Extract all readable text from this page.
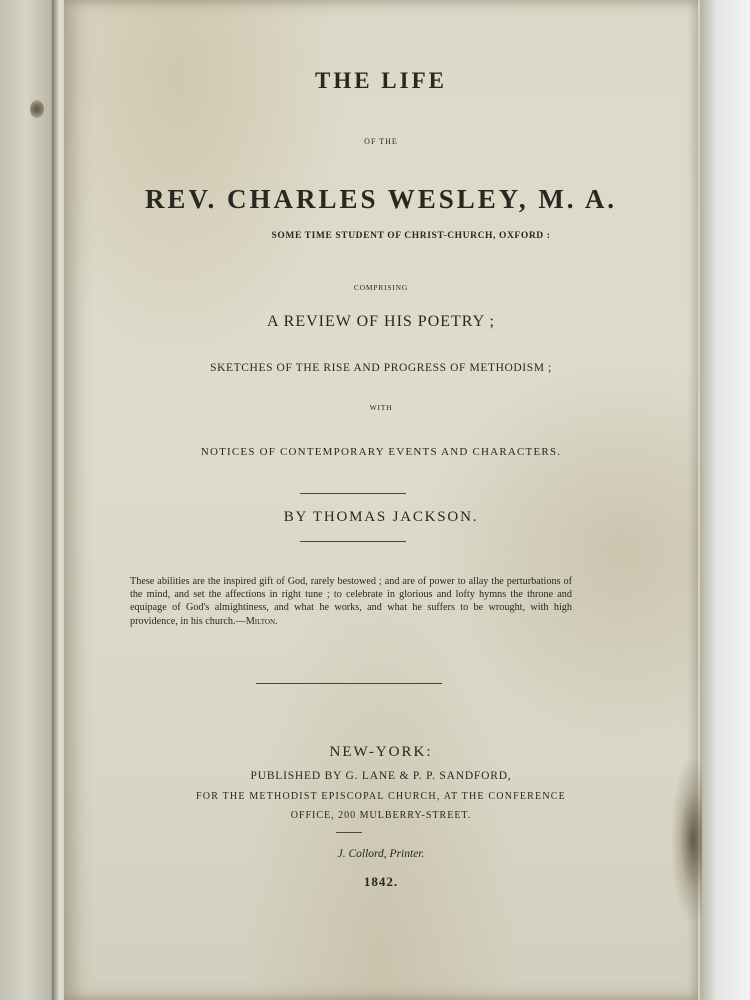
THE LIFE
OF THE
REV. CHARLES WESLEY, M. A.
SOME TIME STUDENT OF CHRIST-CHURCH, OXFORD :
COMPRISING
A REVIEW OF HIS POETRY ;
SKETCHES OF THE RISE AND PROGRESS OF METHODISM ;
WITH
NOTICES OF CONTEMPORARY EVENTS AND CHARACTERS.
BY THOMAS JACKSON.
These abilities are the inspired gift of God, rarely bestowed ; and are of power to allay the perturbations of the mind, and set the affections in right tune ; to celebrate in glorious and lofty hymns the throne and equipage of God's almightiness, and what he works, and what he suffers to be wrought, with high providence, in his church.—Milton.
NEW-YORK:
PUBLISHED BY G. LANE & P. P. SANDFORD,
FOR THE METHODIST EPISCOPAL CHURCH, AT THE CONFERENCE
OFFICE, 200 MULBERRY-STREET.
J. Collord, Printer.
1842.
